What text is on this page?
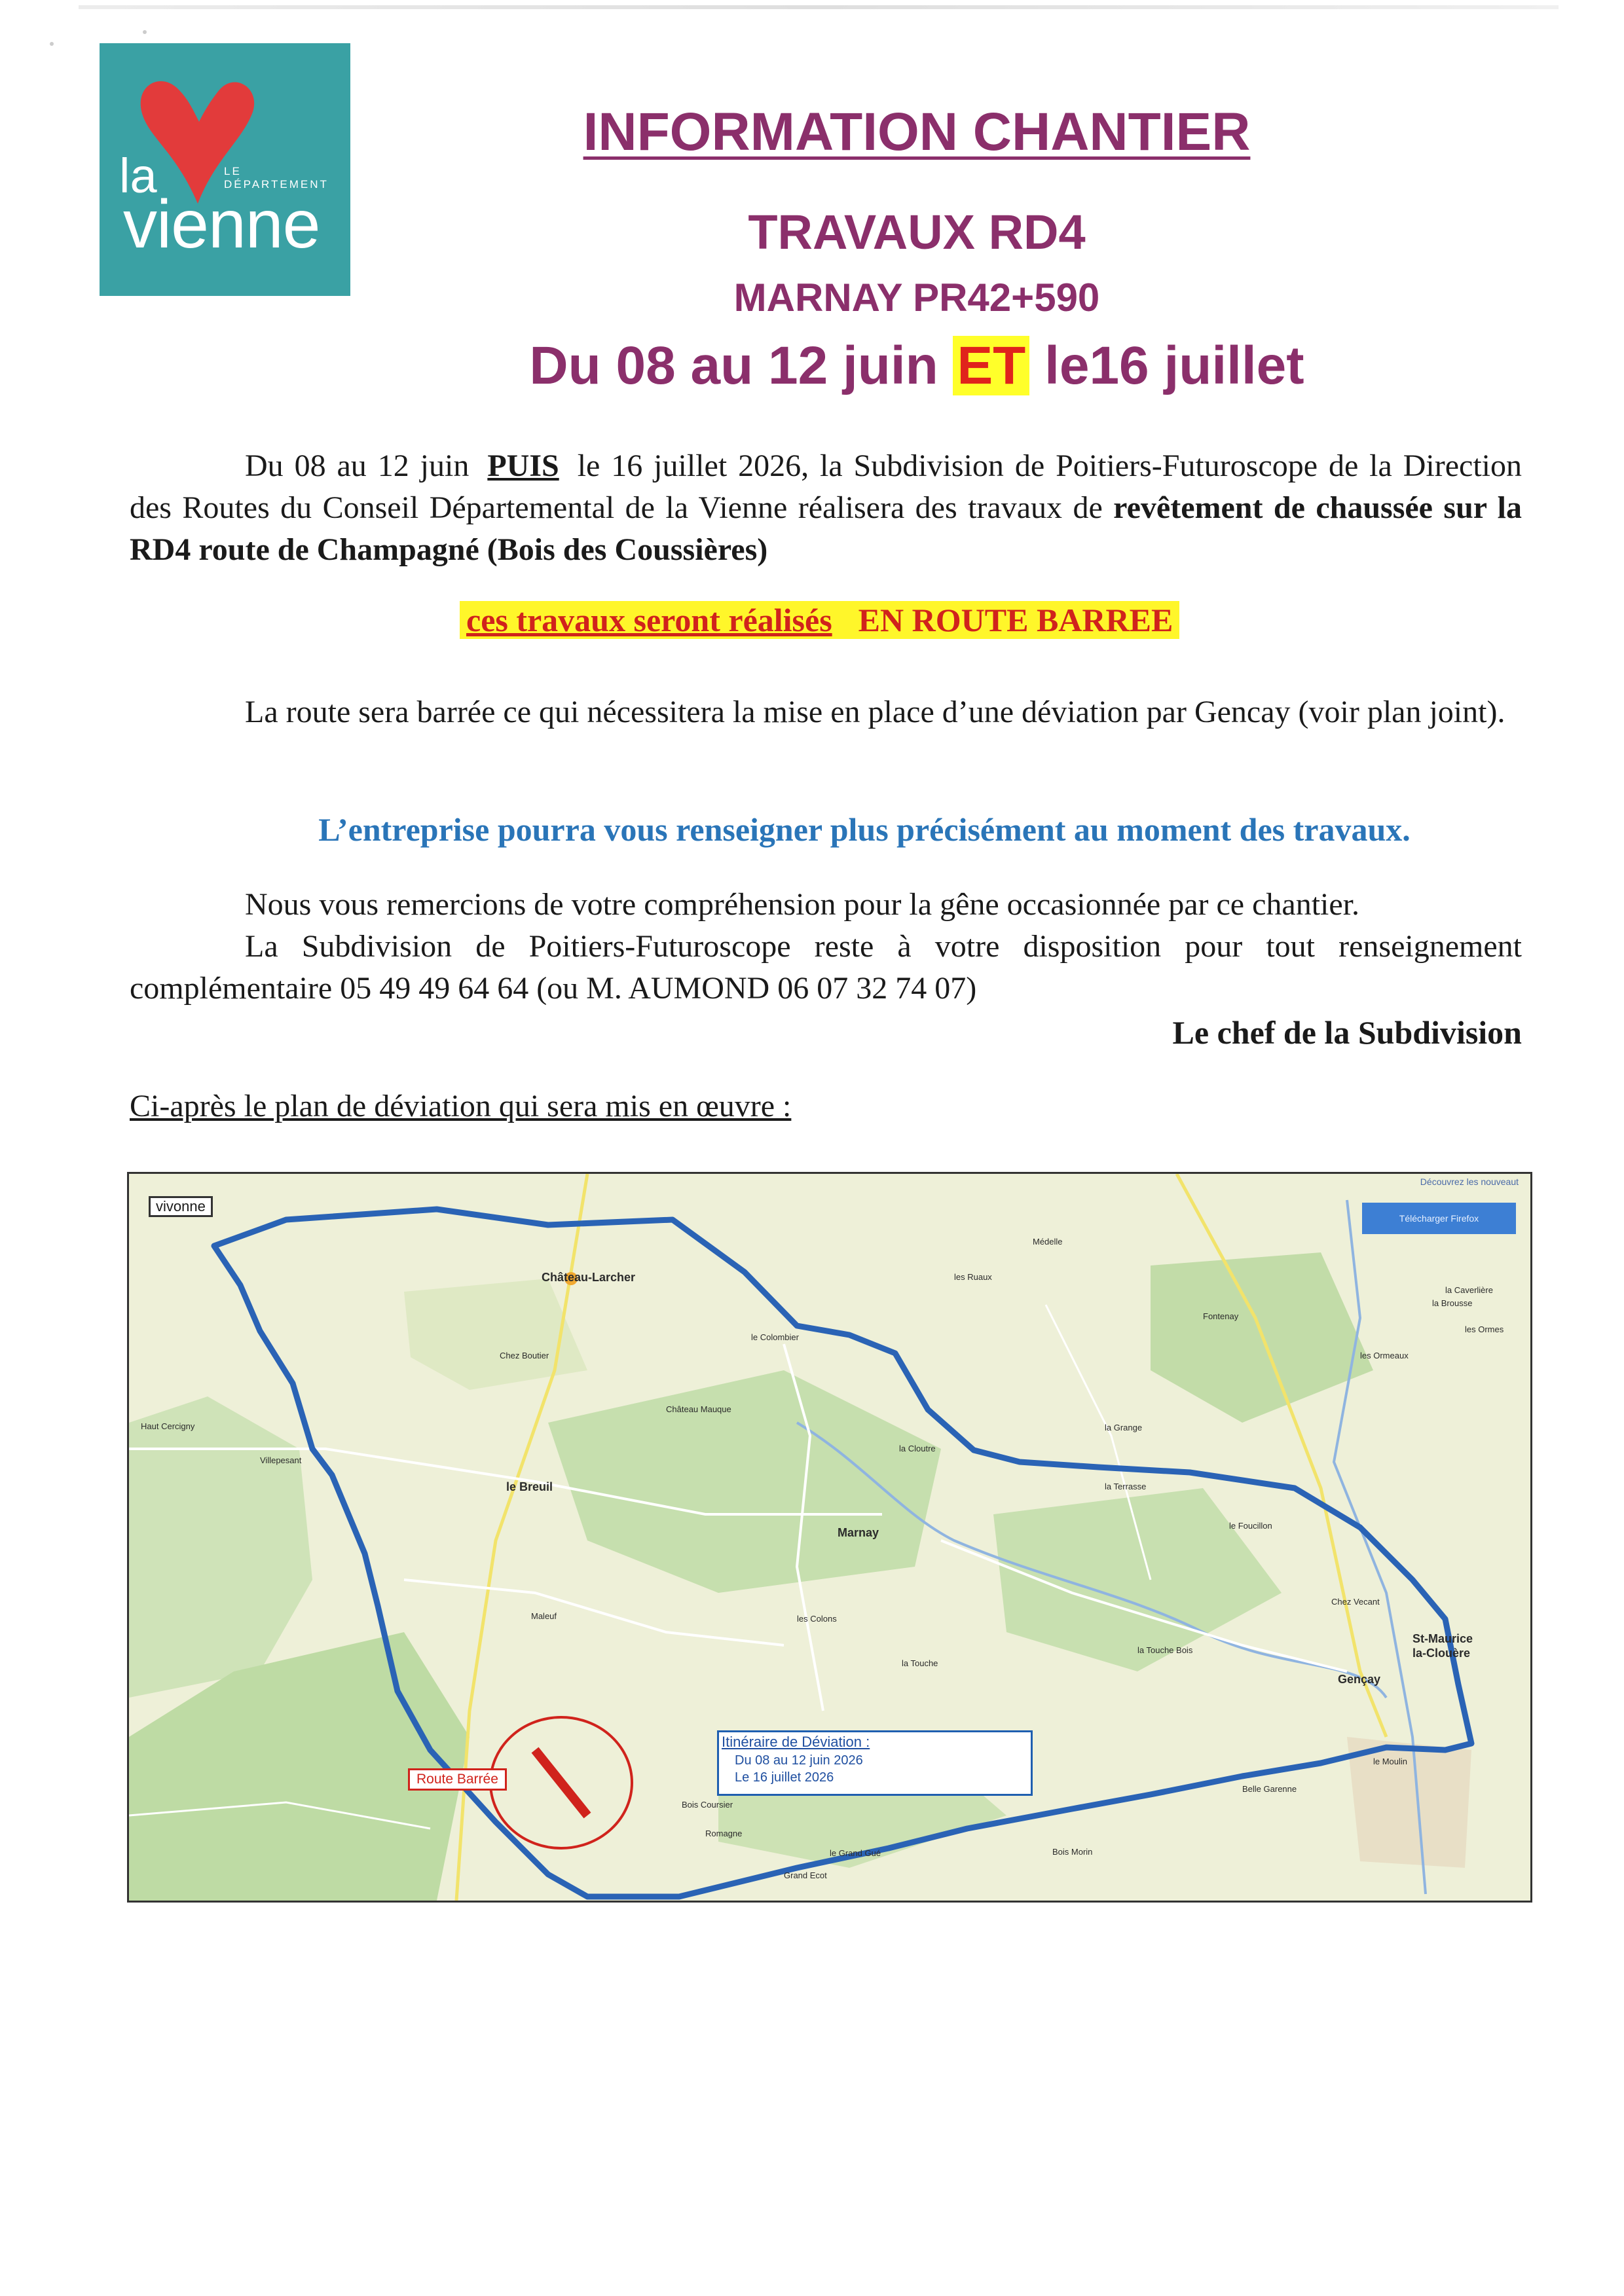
la	LE DÉPARTEMENT
vienne
INFORMATION CHANTIER
TRAVAUX RD4
MARNAY PR42+590
Du 08 au 12 juin ET le16 juillet
Du 08 au 12 juin PUIS le 16 juillet 2026, la Subdivision de Poitiers-Futuroscope de la Direction des Routes du Conseil Départemental de la Vienne réalisera des travaux de revêtement de chaussée sur la RD4 route de Champagné (Bois des Coussières)
ces travaux seront réalisés EN ROUTE BARREE
La route sera barrée ce qui nécessitera la mise en place d’une déviation par Gencay (voir plan joint).
L’entreprise pourra vous renseigner plus précisément au moment des travaux.
Nous vous remercions de votre compréhension pour la gêne occasionnée par ce chantier.
La Subdivision de Poitiers-Futuroscope reste à votre disposition pour tout renseignement complémentaire 05 49 49 64 64 (ou M. AUMOND 06 07 32 74 07)
Le chef de la Subdivision
Ci-après le plan de déviation qui sera mis en œuvre :
Découvrez les nouveaut
Télécharger Firefox
vivonne
Château-Larcher
Marnay
Gençay
St-Maurice
la-Clouère
le Breuil
Villepesant
Haut Cercigny
Château Mauque
Médelle
la Cloutre
Chez Vecant
les Ruaux
le Grand Gué
la Touche
Bois Coursier
le Foucillon
les Ormes
la Caverlière
Romagne
les Colons
Maleuf
Bois Morin
Grand Ecot
Belle Garenne
le Moulin
la Terrasse
Chez Boutier
la Brousse
les Ormeaux
la Touche Bois
le Colombier
la Grange
Fontenay
Route Barrée
Itinéraire de Déviation :
Du 08 au 12 juin 2026
Le 16 juillet 2026
